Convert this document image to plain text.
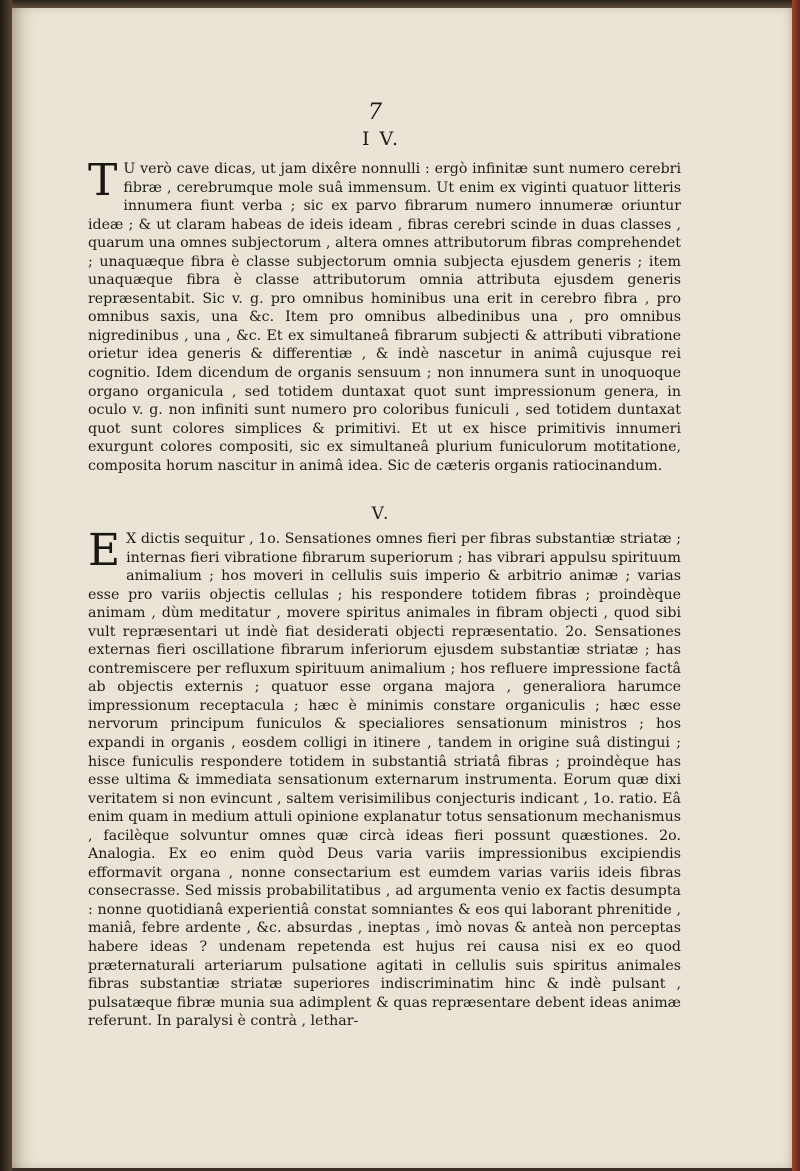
7
I V.

T U verò cave dicas, ut jam dixêre nonnulli : ergò infinitæ sunt numero cerebri fibræ , cerebrumque mole suâ immensum. Ut enim ex viginti quatuor litteris innumera fiunt verba ; sic ex parvo fibrarum numero innumeræ oriuntur ideæ ; & ut claram habeas de ideis ideam , fibras cerebri scinde in duas classes , quarum una omnes subjectorum , altera omnes attributorum fibras comprehendet ; unaquæque fibra è classe subjectorum omnia subjecta ejusdem generis ; item unaquæque fibra è classe attributorum omnia attributa ejusdem generis repræsentabit. Sic v. g. pro omnibus hominibus una erit in cerebro fibra , pro omnibus saxis, una &c. Item pro omnibus albedinibus una , pro omnibus nigredinibus , una , &c. Et ex simultaneâ fibrarum subjecti & attributi vibratione orietur idea generis & differentiæ , & indè nascetur in animâ cujusque rei cognitio. Idem dicendum de organis sensuum ; non innumera sunt in unoquoque organo organicula , sed totidem duntaxat quot sunt impressionum genera, in oculo v. g. non infiniti sunt numero pro coloribus funiculi , sed totidem duntaxat quot sunt colores simplices & primitivi. Et ut ex hisce primitivis innumeri exurgunt colores compositi, sic ex simultaneâ plurium funiculorum motitatione, composita horum nascitur in animâ idea. Sic de cæteris organis ratiocinandum.

V.

E X dictis sequitur , 1o. Sensationes omnes fieri per fibras substantiæ striatæ ; internas fieri vibratione fibrarum superiorum ; has vibrari appulsu spirituum animalium ; hos moveri in cellulis suis imperio & arbitrio animæ ; varias esse pro variis objectis cellulas ; his respondere totidem fibras ; proindèque animam , dùm meditatur , movere spiritus animales in fibram objecti , quod sibi vult repræsentari ut indè fiat desiderati objecti repræsentatio. 2o. Sensationes externas fieri oscillatione fibrarum inferiorum ejusdem substantiæ striatæ ; has contremiscere per refluxum spirituum animalium ; hos refluere impressione factâ ab objectis externis ; quatuor esse organa majora , generaliora harumce impressionum receptacula ; hæc è minimis constare organiculis ; hæc esse nervorum principum funiculos & specialiores sensationum ministros ; hos expandi in organis , eosdem colligi in itinere , tandem in origine suâ distingui ; hisce funiculis respondere totidem in substantiâ striatâ fibras ; proindèque has esse ultima & immediata sensationum externarum instrumenta. Eorum quæ dixi veritatem si non evincunt , saltem verisimilibus conjecturis indicant , 1o. ratio. Eâ enim quam in medium attuli opinione explanatur totus sensationum mechanismus , facilèque solvuntur omnes quæ circà ideas fieri possunt quæstiones. 2o. Analogia. Ex eo enim quòd Deus varia variis impressionibus excipiendis efformavit organa , nonne consectarium est eumdem varias variis ideis fibras consecrasse. Sed missis probabilitatibus , ad argumenta venio ex factis desumpta : nonne quotidianâ experientiâ constat somniantes & eos qui laborant phrenitide , maniâ, febre ardente , &c. absurdas , ineptas , imò novas & anteà non perceptas habere ideas ? undenam repetenda est hujus rei causa nisi ex eo quod præternaturali arteriarum pulsatione agitati in cellulis suis spiritus animales fibras substantiæ striatæ superiores indiscriminatim hinc & indè pulsant , pulsatæque fibræ munia sua adimplent & quas repræsentare debent ideas animæ referunt. In paralysi è contrà , lethar-
